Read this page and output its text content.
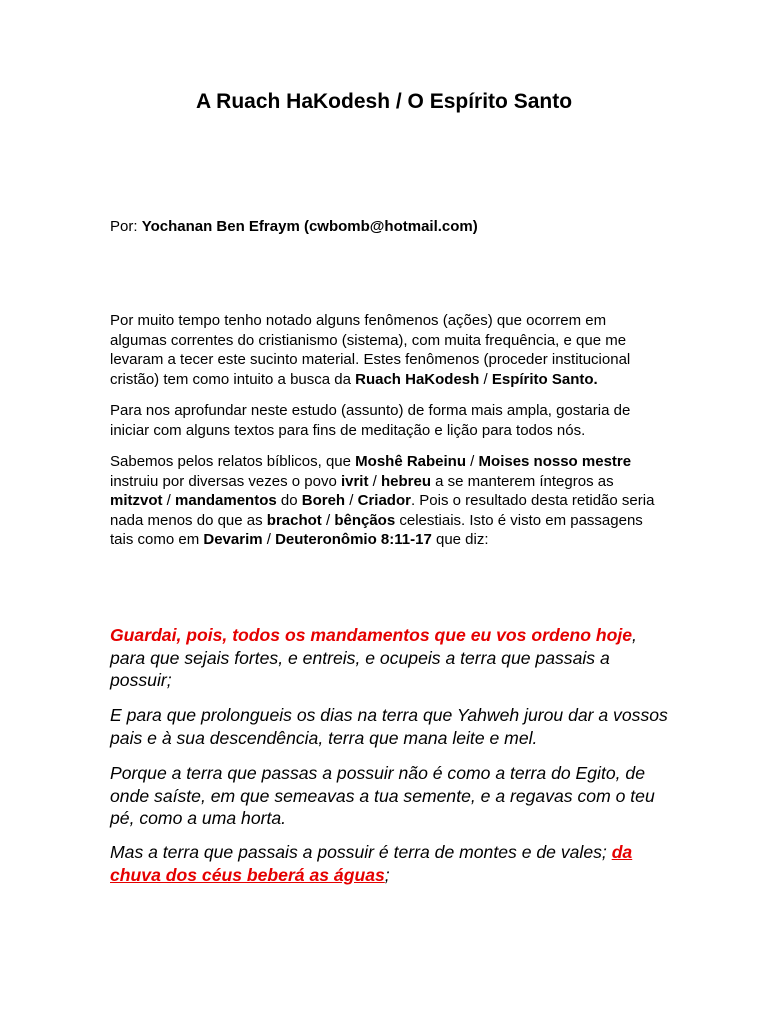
A Ruach HaKodesh / O Espírito Santo

Por: Yochanan Ben Efraym (cwbomb@hotmail.com)

Por muito tempo tenho notado alguns fenômenos (ações) que ocorrem em algumas correntes do cristianismo (sistema), com muita frequência, e que me levaram a tecer este sucinto material. Estes fenômenos (proceder institucional cristão) tem como intuito a busca da Ruach HaKodesh / Espírito Santo.

Para nos aprofundar neste estudo (assunto) de forma mais ampla, gostaria de iniciar com alguns textos para fins de meditação e lição para todos nós.

Sabemos pelos relatos bíblicos, que Moshê Rabeinu / Moises nosso mestre instruiu por diversas vezes o povo ivrit / hebreu a se manterem íntegros as mitzvot / mandamentos do Boreh / Criador. Pois o resultado desta retidão seria nada menos do que as brachot / bênçãos celestiais. Isto é visto em passagens tais como em Devarim / Deuteronômio 8:11-17 que diz:

Guardai, pois, todos os mandamentos que eu vos ordeno hoje, para que sejais fortes, e entreis, e ocupeis a terra que passais a possuir;

E para que prolongueis os dias na terra que Yahweh jurou dar a vossos pais e à sua descendência, terra que mana leite e mel.

Porque a terra que passas a possuir não é como a terra do Egito, de onde saíste, em que semeavas a tua semente, e a regavas com o teu pé, como a uma horta.

Mas a terra que passais a possuir é terra de montes e de vales; da chuva dos céus beberá as águas;
